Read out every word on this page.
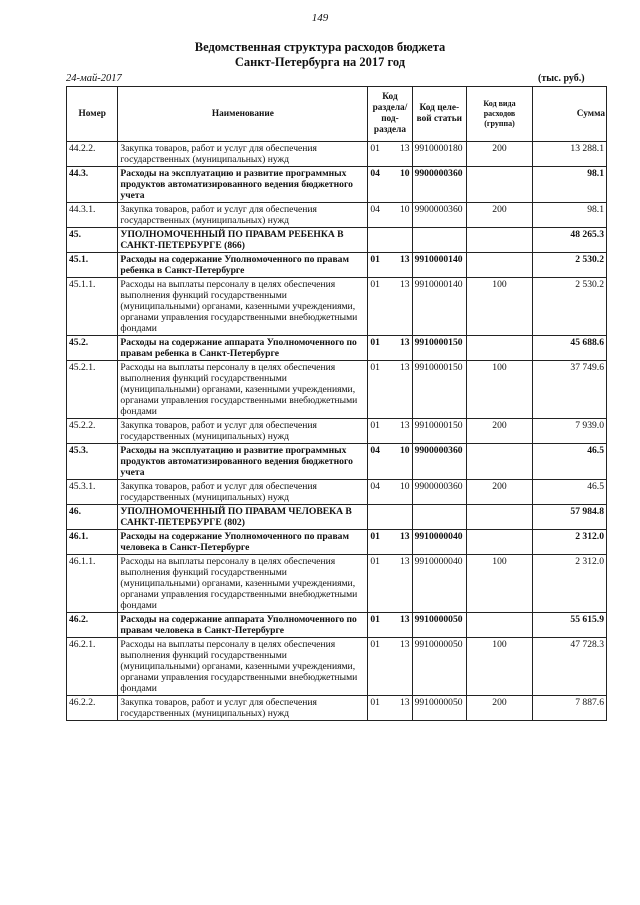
149
Ведомственная структура расходов бюджета
Санкт-Петербурга на 2017 год
24-май-2017	(тыс. руб.)
Номер	Наименование	Код раздела/ под-раздела		Код целе-вой статьи	Код вида расходов (группа)	Сумма
44.2.2.	Закупка товаров, работ и услуг для обеспечения государственных (муниципальных) нужд	01	13	9910000180	200	13 288.1
44.3.	Расходы на эксплуатацию и развитие программных продуктов автоматизированного ведения бюджетного учета	04	10	9900000360		98.1
44.3.1.	Закупка товаров, работ и услуг для обеспечения государственных (муниципальных) нужд	04	10	9900000360	200	98.1
45.	УПОЛНОМОЧЕННЫЙ ПО ПРАВАМ РЕБЕНКА В САНКТ-ПЕТЕРБУРГЕ (866)					48 265.3
45.1.	Расходы на содержание Уполномоченного по правам ребенка в Санкт-Петербурге	01	13	9910000140		2 530.2
45.1.1.	Расходы на выплаты персоналу в целях обеспечения выполнения функций государственными (муниципальными) органами, казенными учреждениями, органами управления государственными внебюджетными фондами	01	13	9910000140	100	2 530.2
45.2.	Расходы на содержание аппарата Уполномоченного по правам ребенка в Санкт-Петербурге	01	13	9910000150		45 688.6
45.2.1.	Расходы на выплаты персоналу в целях обеспечения выполнения функций государственными (муниципальными) органами, казенными учреждениями, органами управления государственными внебюджетными фондами	01	13	9910000150	100	37 749.6
45.2.2.	Закупка товаров, работ и услуг для обеспечения государственных (муниципальных) нужд	01	13	9910000150	200	7 939.0
45.3.	Расходы на эксплуатацию и развитие программных продуктов автоматизированного ведения бюджетного учета	04	10	9900000360		46.5
45.3.1.	Закупка товаров, работ и услуг для обеспечения государственных (муниципальных) нужд	04	10	9900000360	200	46.5
46.	УПОЛНОМОЧЕННЫЙ ПО ПРАВАМ ЧЕЛОВЕКА В САНКТ-ПЕТЕРБУРГЕ (802)					57 984.8
46.1.	Расходы на содержание Уполномоченного по правам человека в Санкт-Петербурге	01	13	9910000040		2 312.0
46.1.1.	Расходы на выплаты персоналу в целях обеспечения выполнения функций государственными (муниципальными) органами, казенными учреждениями, органами управления государственными внебюджетными фондами	01	13	9910000040	100	2 312.0
46.2.	Расходы на содержание аппарата Уполномоченного по правам человека в Санкт-Петербурге	01	13	9910000050		55 615.9
46.2.1.	Расходы на выплаты персоналу в целях обеспечения выполнения функций государственными (муниципальными) органами, казенными учреждениями, органами управления государственными внебюджетными фондами	01	13	9910000050	100	47 728.3
46.2.2.	Закупка товаров, работ и услуг для обеспечения государственных (муниципальных) нужд	01	13	9910000050	200	7 887.6
